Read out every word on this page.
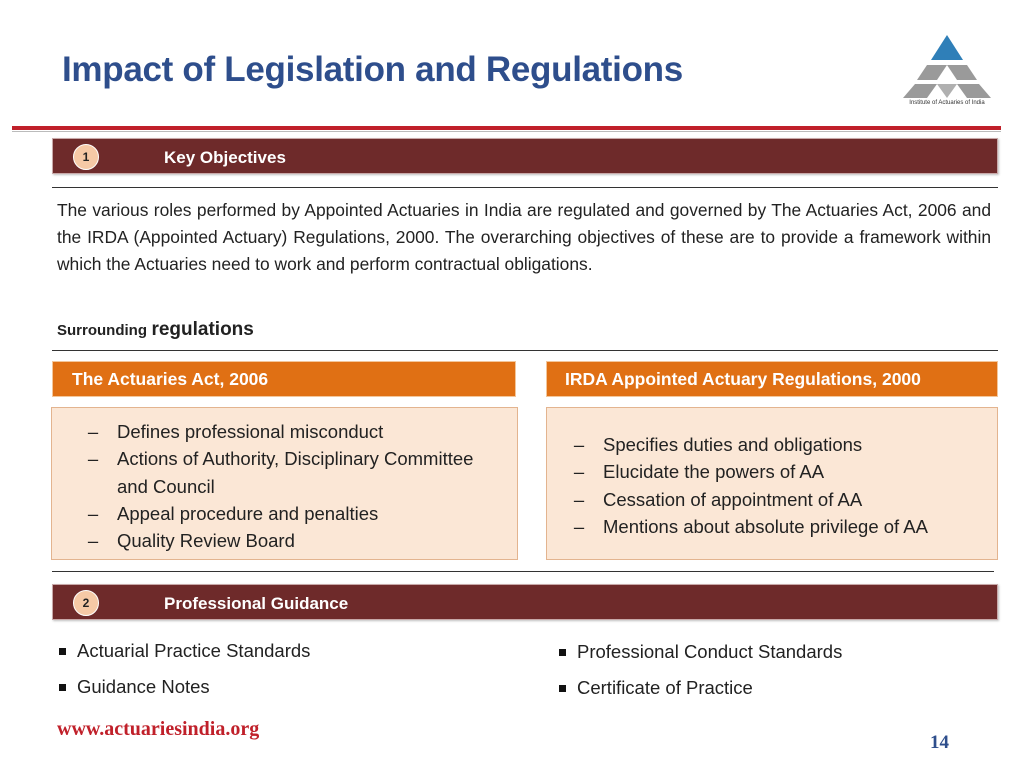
Impact of Legislation and Regulations
Institute of Actuaries of India
1	Key Objectives
The various roles performed by Appointed Actuaries in India are regulated and governed by The Actuaries Act, 2006 and the IRDA (Appointed Actuary) Regulations, 2000. The overarching objectives of these are to provide a framework within which the Actuaries need to work and perform contractual obligations.
Surrounding regulations
The Actuaries Act, 2006	IRDA Appointed Actuary Regulations, 2000
– Defines professional misconduct
– Actions of Authority, Disciplinary Committee and Council
– Appeal procedure and penalties
– Quality Review Board
– Specifies duties and obligations
– Elucidate the powers of AA
– Cessation of appointment of AA
– Mentions about absolute privilege of AA
2	Professional Guidance
Actuarial Practice Standards
Guidance Notes
Professional Conduct Standards
Certificate of Practice
www.actuariesindia.org
14
